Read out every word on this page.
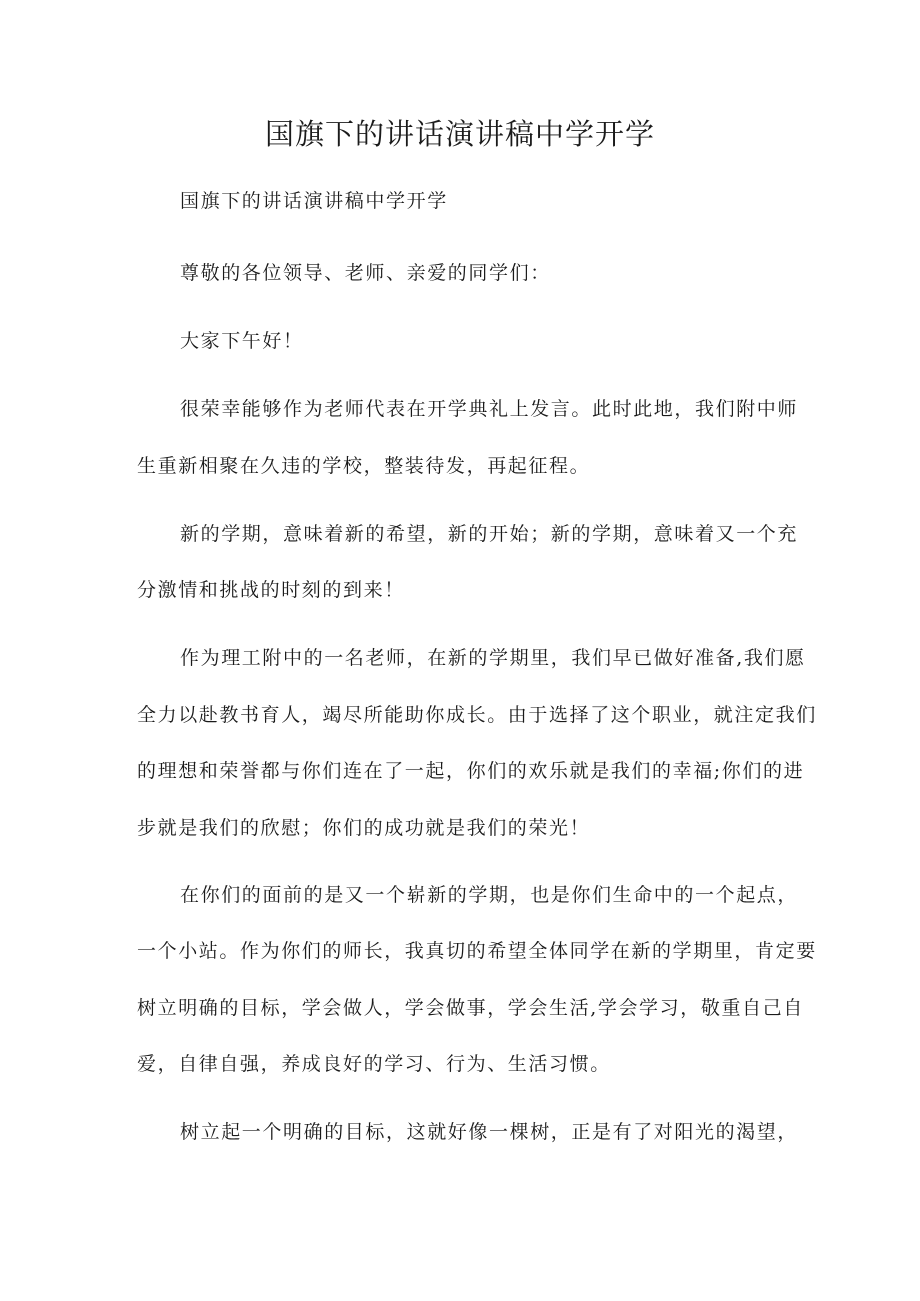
国旗下的讲话演讲稿中学开学
国旗下的讲话演讲稿中学开学
尊敬的各位领导、老师、亲爱的同学们：
大家下午好！
很荣幸能够作为老师代表在开学典礼上发言。此时此地，我们附中师
生重新相聚在久违的学校，整装待发，再起征程。
新的学期，意味着新的希望，新的开始；新的学期，意味着又一个充
分激情和挑战的时刻的到来！
作为理工附中的一名老师，在新的学期里，我们早已做好准备,我们愿
全力以赴教书育人，竭尽所能助你成长。由于选择了这个职业，就注定我们
的理想和荣誉都与你们连在了一起，你们的欢乐就是我们的幸福;你们的进
步就是我们的欣慰；你们的成功就是我们的荣光！
在你们的面前的是又一个崭新的学期，也是你们生命中的一个起点，
一个小站。作为你们的师长，我真切的希望全体同学在新的学期里，肯定要
树立明确的目标，学会做人，学会做事，学会生活,学会学习，敬重自己自
爱，自律自强，养成良好的学习、行为、生活习惯。
树立起一个明确的目标，这就好像一棵树，正是有了对阳光的渴望，
